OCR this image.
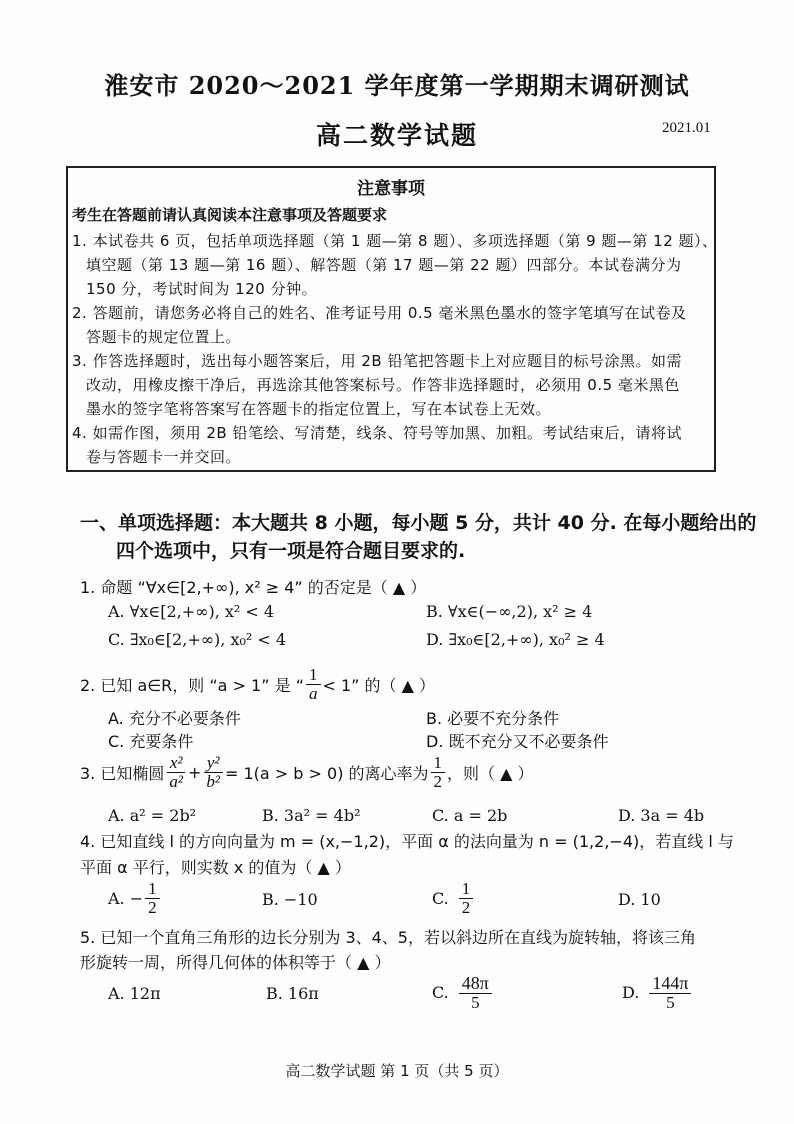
淮安市 2020～2021 学年度第一学期期末调研测试
高二数学试题	2021.01
注意事项
考生在答题前请认真阅读本注意事项及答题要求
1. 本试卷共 6 页，包括单项选择题（第 1 题—第 8 题）、多项选择题（第 9 题—第 12 题）、
填空题（第 13 题—第 16 题）、解答题（第 17 题—第 22 题）四部分。本试卷满分为
150 分，考试时间为 120 分钟。
2. 答题前，请您务必将自己的姓名、准考证号用 0.5 毫米黑色墨水的签字笔填写在试卷及
答题卡的规定位置上。
3. 作答选择题时，选出每小题答案后，用 2B 铅笔把答题卡上对应题目的标号涂黑。如需
改动，用橡皮擦干净后，再选涂其他答案标号。作答非选择题时，必须用 0.5 毫米黑色
墨水的签字笔将答案写在答题卡的指定位置上，写在本试卷上无效。
4. 如需作图，须用 2B 铅笔绘、写清楚，线条、符号等加黑、加粗。考试结束后，请将试
卷与答题卡一并交回。
一、单项选择题：本大题共 8 小题，每小题 5 分，共计 40 分. 在每小题给出的
四个选项中，只有一项是符合题目要求的.
1. 命题 “∀x∈[2,+∞), x² ≥ 4” 的否定是（ ▲ ）
A. ∀x∈[2,+∞), x² < 4	B. ∀x∈(−∞,2), x² ≥ 4
C. ∃x₀∈[2,+∞), x₀² < 4	D. ∃x₀∈[2,+∞), x₀² ≥ 4
2. 已知 a∈R，则 “a > 1” 是 “ $\frac{1}{a} < 1$” 的（ ▲ ）
A. 充分不必要条件	B. 必要不充分条件
C. 充要条件	D. 既不充分又不必要条件
3. 已知椭圆 $\frac{\text{x²}}{\text{a²}} + \frac{\text{y²}}{\text{b²}} = 1(a > b > 0)$ 的离心率为 $\frac{1}{2}$ ，则（ ▲ ）
A. a² = 2b²	B. 3a² = 4b²	C. a = 2b	D. 3a = 4b
4. 已知直线 l 的方向向量为 m = (x,−1,2)，平面 α 的法向量为 n = (1,2,−4)，若直线 l 与
平面 α 平行，则实数 x 的值为（ ▲ ）
A. − $\frac{1}{2}$	B. −10	C. $\frac{1}{2}$	D. 10
5. 已知一个直角三角形的边长分别为 3、4、5，若以斜边所在直线为旋转轴，将该三角
形旋转一周，所得几何体的体积等于（ ▲ ）
A. 12π	B. 16π	C. $\frac{48\pi}{5}$	D. $\frac{144\pi}{5}$
高二数学试题 第 1 页（共 5 页）
